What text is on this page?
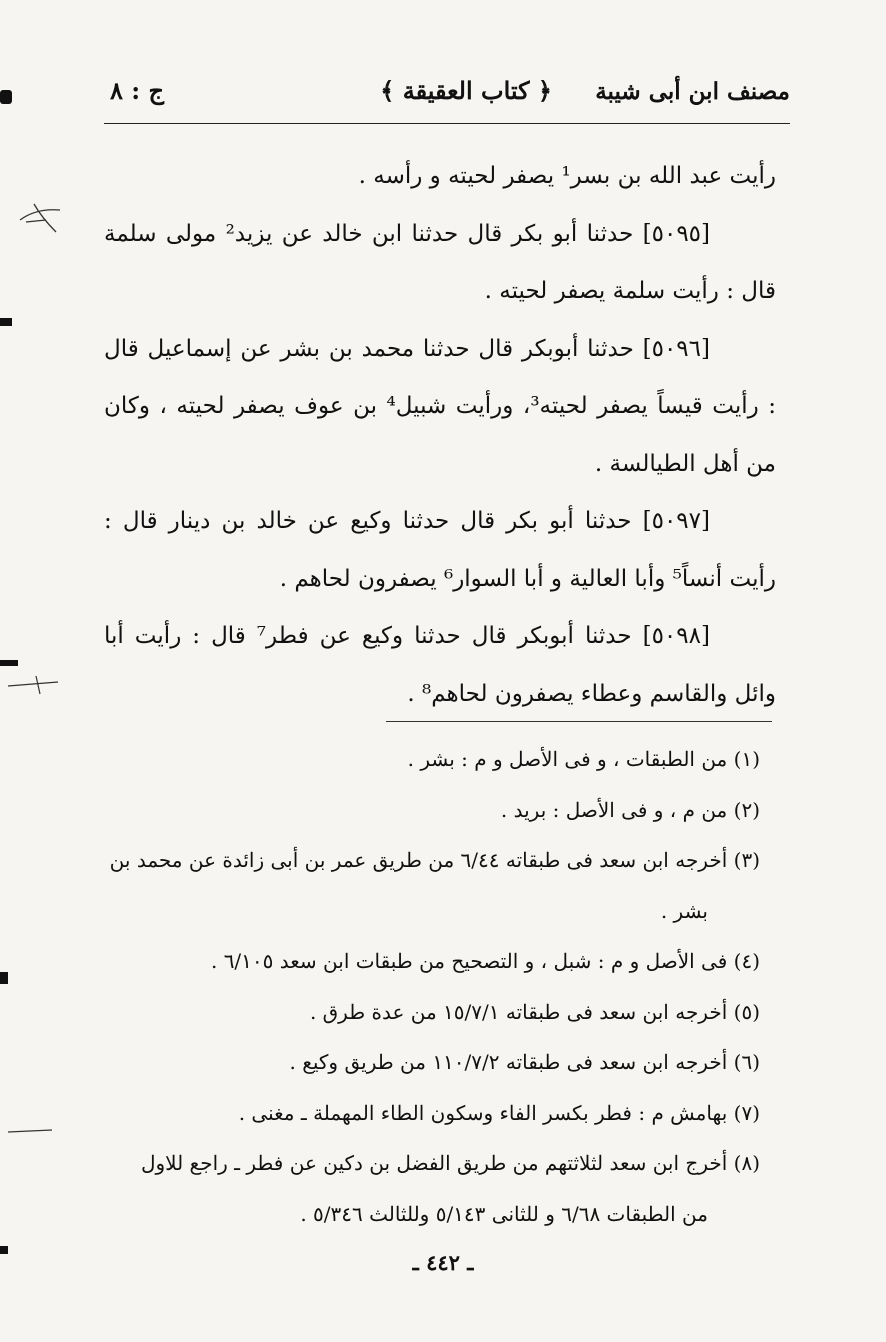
مصنف ابن أبى شيبة
﴿ كتاب العقيقة ﴾
ج : ٨

رأيت عبد الله بن بسر¹ يصفر لحيته و رأسه .

[٥٠٩٥] حدثنا أبو بكر قال حدثنا ابن خالد عن يزيد² مولى سلمة قال : رأيت سلمة يصفر لحيته .

[٥٠٩٦] حدثنا أبوبكر قال حدثنا محمد بن بشر عن إسماعيل قال : رأيت قيساً يصفر لحيته³، ورأيت شبيل⁴ بن عوف يصفر لحيته ، وكان من أهل الطيالسة .

[٥٠٩٧] حدثنا أبو بكر قال حدثنا وكيع عن خالد بن دينار قال : رأيت أنساً⁵ وأبا العالية و أبا السوار⁶ يصفرون لحاهم .

[٥٠٩٨] حدثنا أبوبكر قال حدثنا وكيع عن فطر⁷ قال : رأيت أبا وائل والقاسم وعطاء يصفرون لحاهم⁸ .

(١) من الطبقات ، و فى الأصل و م : بشر .

(٢) من م ، و فى الأصل : بريد .

(٣) أخرجه ابن سعد فى طبقاته ٦/٤٤ من طريق عمر بن أبى زائدة عن محمد بن

بشر .

(٤) فى الأصل و م : شبل ، و التصحيح من طبقات ابن سعد ٦/١٠٥ .

(٥) أخرجه ابن سعد فى طبقاته ١٥/٧/١ من عدة طرق .

(٦) أخرجه ابن سعد فى طبقاته ١١٠/٧/٢ من طريق وكيع .

(٧) بهامش م : فطر بكسر الفاء وسكون الطاء المهملة ـ مغنى .

(٨) أخرج ابن سعد لثلاثتهم من طريق الفضل بن دكين عن فطر ـ راجع للاول

من الطبقات ٦/٦٨ و للثانى ٥/١٤٣ وللثالث ٥/٣٤٦ .

ـ ٤٤٢ ـ
